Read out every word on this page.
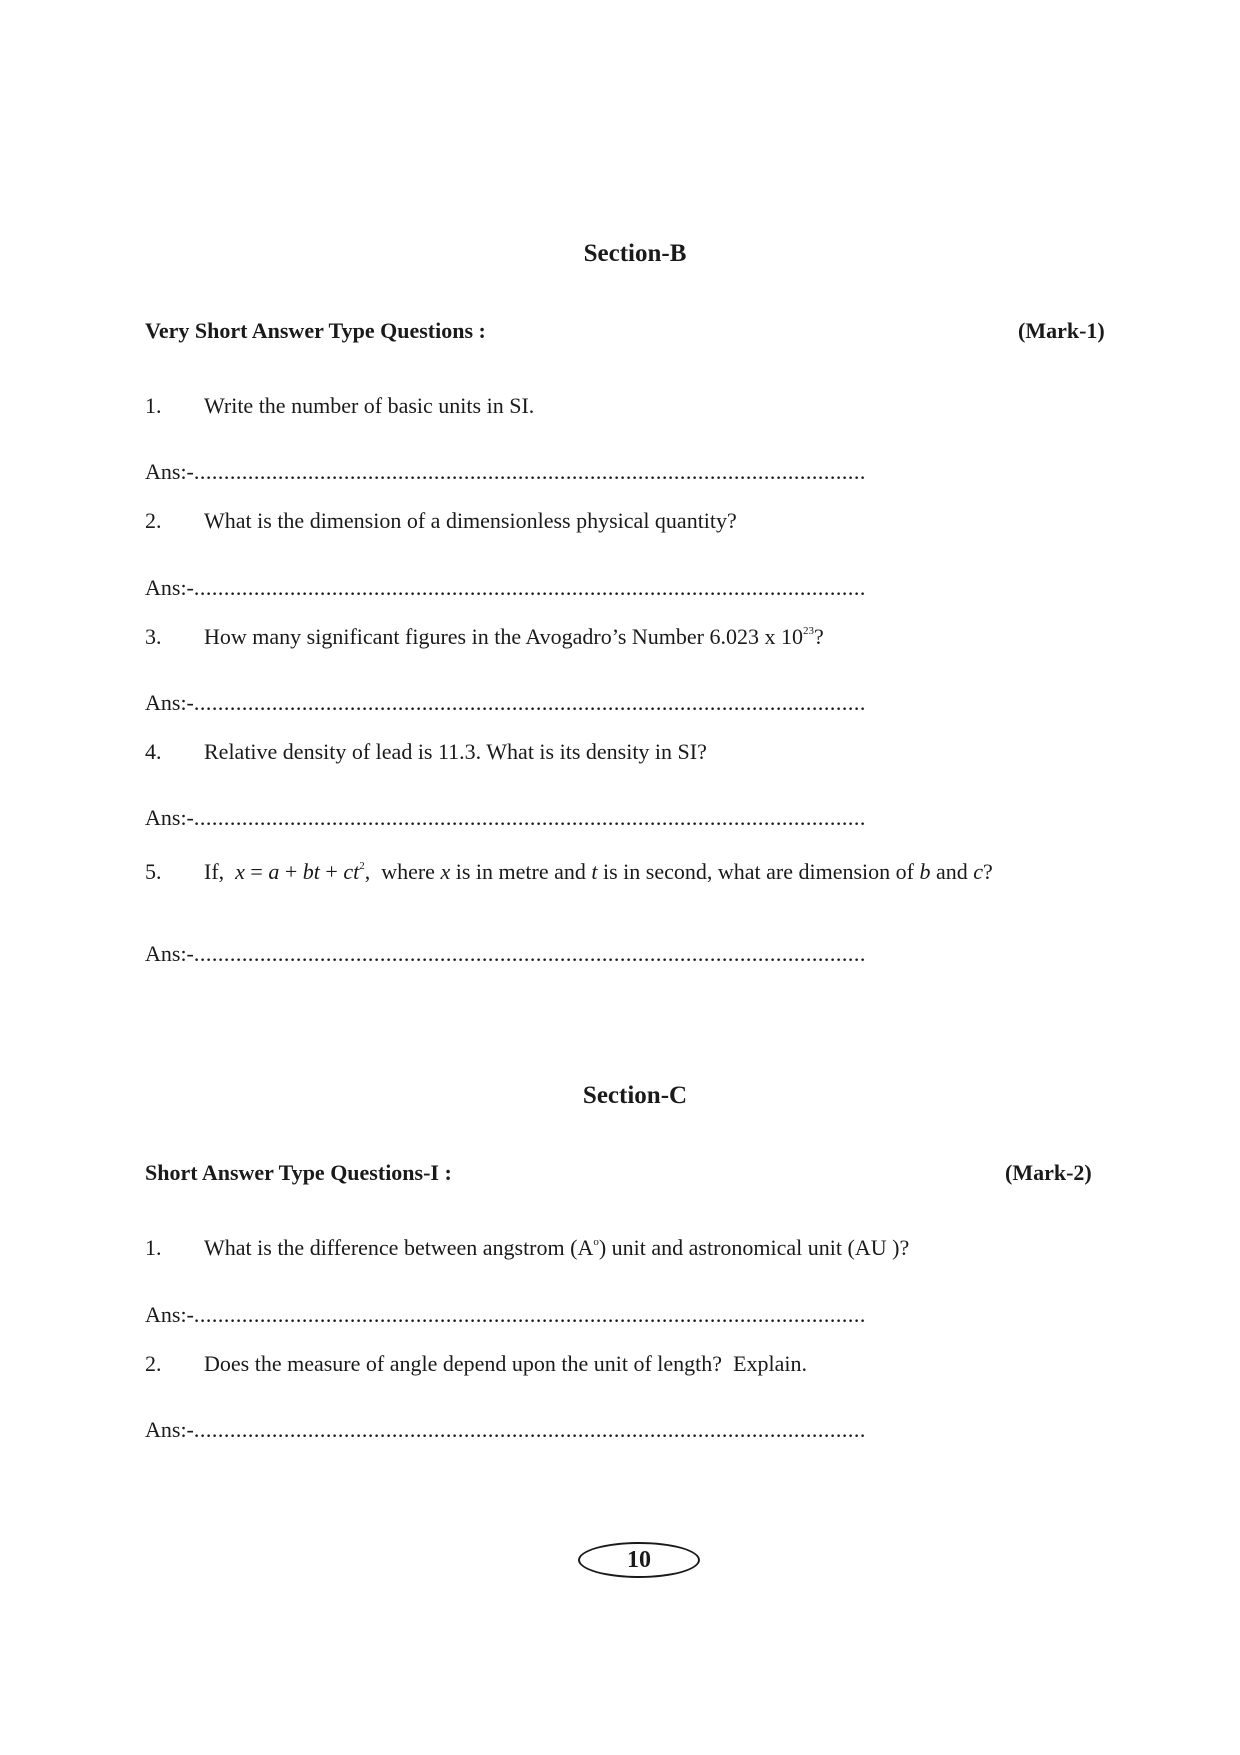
Section-B
Very Short Answer Type Questions :	(Mark-1)
1. Write the number of basic units in SI.
Ans:-................................................................................................................
2. What is the dimension of a dimensionless physical quantity?
Ans:-................................................................................................................
3. How many significant figures in the Avogadro’s Number 6.023 x $10^{23}$?
Ans:-................................................................................................................
4. Relative density of lead is 11.3. What is its density in SI?
Ans:-................................................................................................................
5. If, x = a + bt + $ct^2$,  where x is in metre and t is in second, what are dimension of b and c?
Ans:-................................................................................................................
Section-C
Short Answer Type Questions-I :	(Mark-2)
1. What is the difference between angstrom $(A^o)$ unit and astronomical unit (AU )?
Ans:-................................................................................................................
2. Does the measure of angle depend upon the unit of length?  Explain.
Ans:-................................................................................................................
10
